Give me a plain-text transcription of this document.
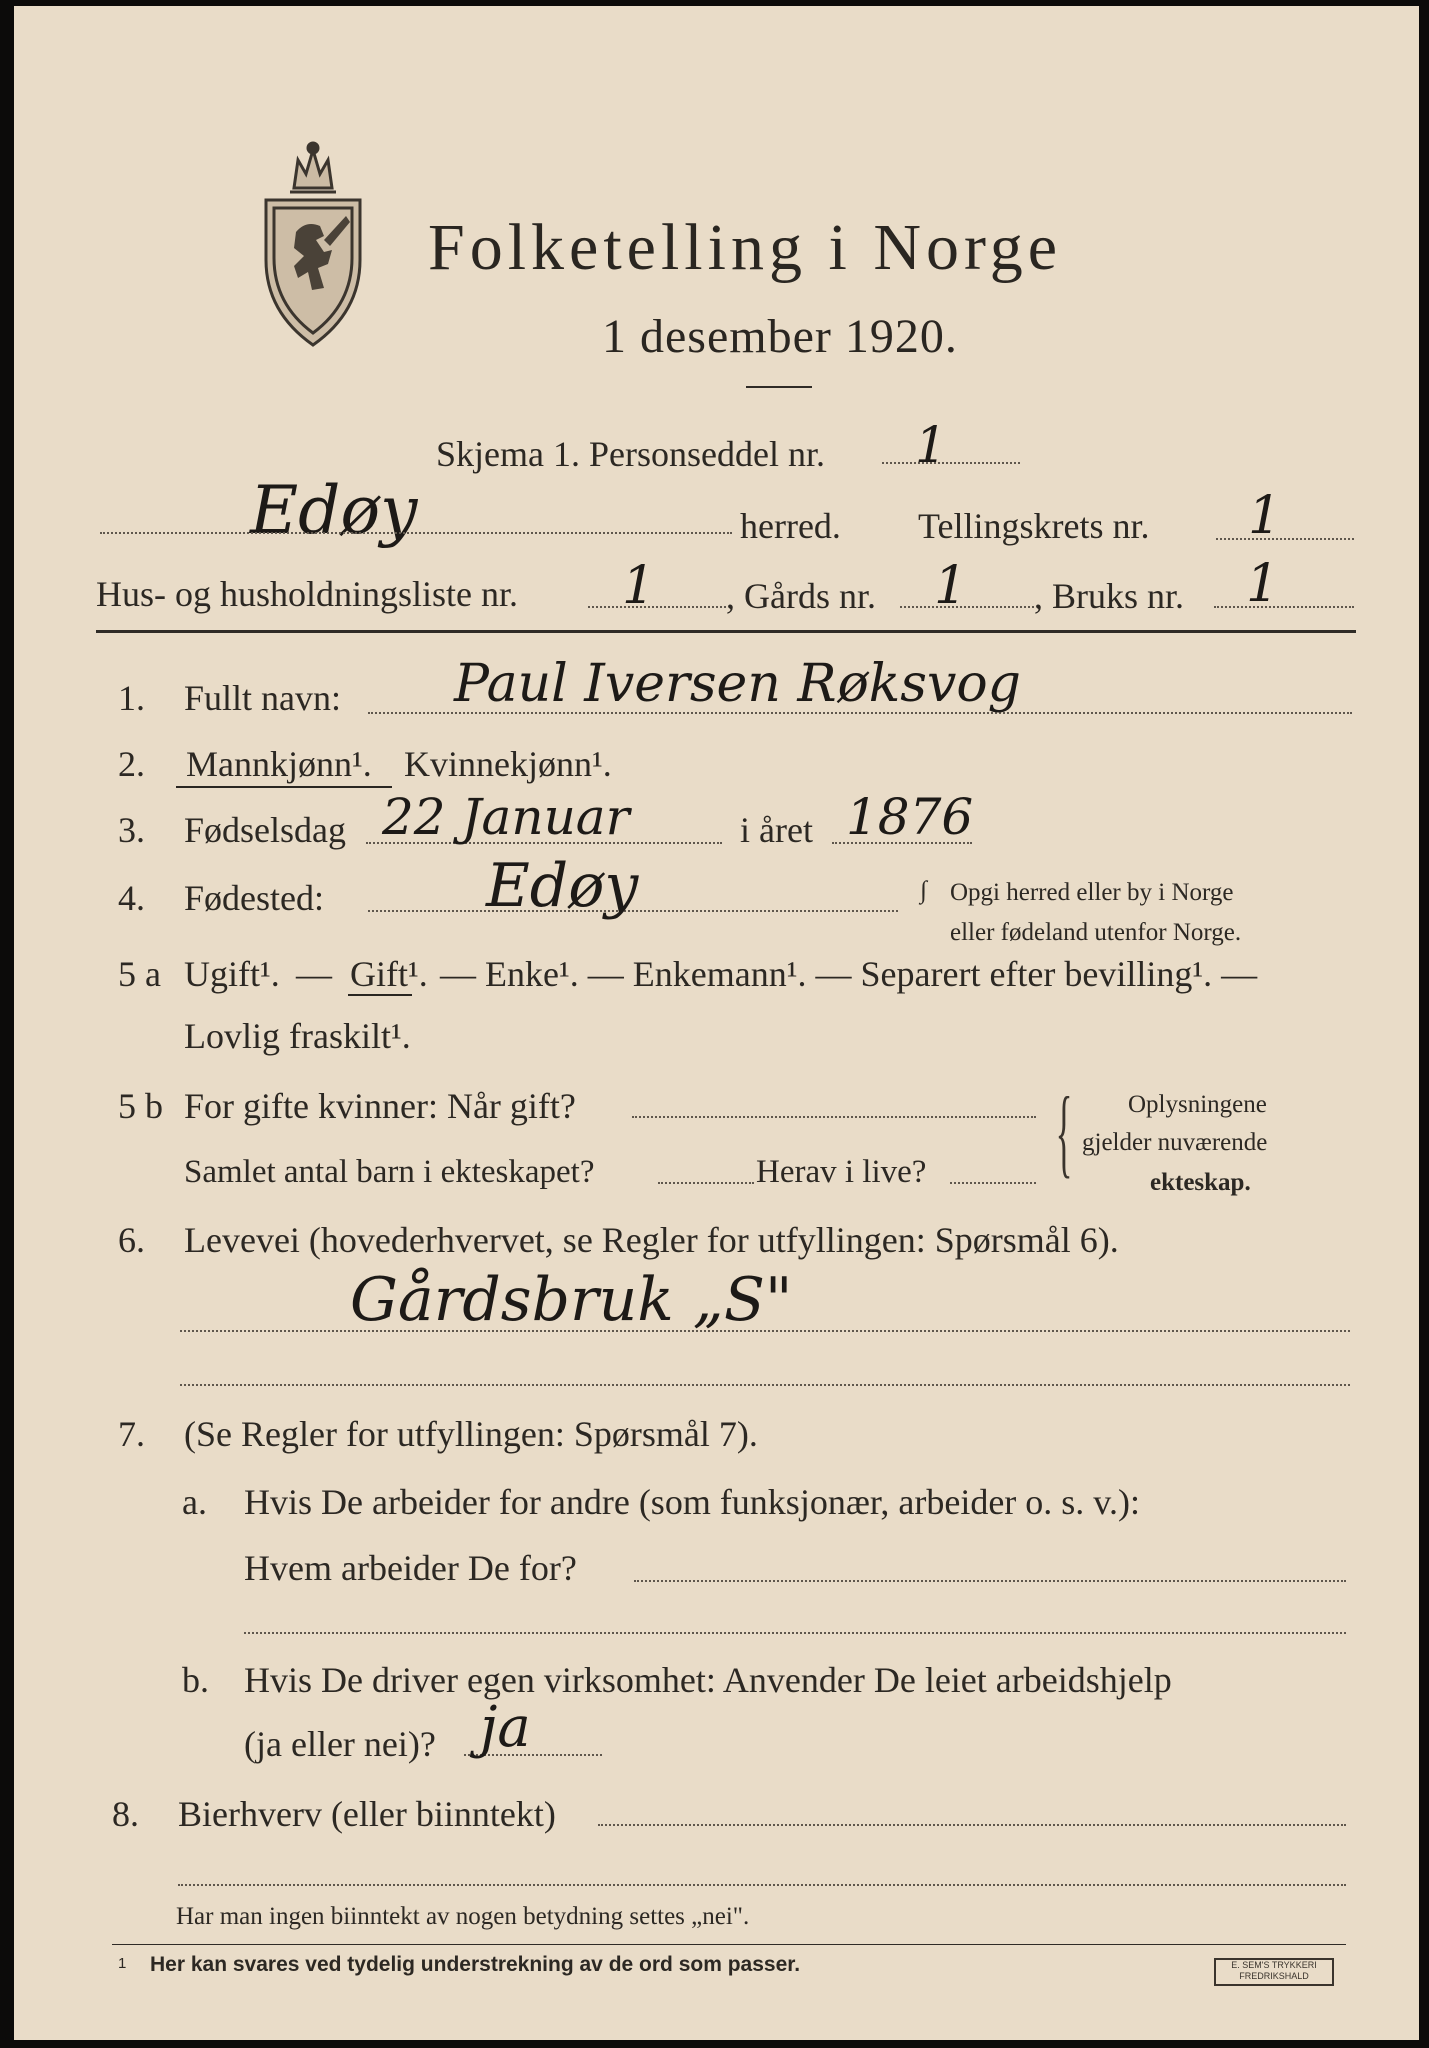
Folketelling i Norge
1 desember 1920.
Skjema 1. Personseddel nr. 1
Edøy	herred. Tellingskrets nr. 1
Hus- og husholdningsliste nr. 1 , Gårds nr. 1 , Bruks nr. 1
1. Fullt navn: Paul Iversen Røksvog
2. Mannkjønn¹. Kvinnekjønn¹.
3. Fødselsdag 22 Januar	i året 1876
4. Fødested:	Edøy	∫ Opgi herred eller by i Norge
eller fødeland utenfor Norge.
5 a Ugift¹. — Gift¹. — Enke¹. — Enkemann¹. — Separert efter bevilling¹. —
Lovlig fraskilt¹.
5 b For gifte kvinner: Når gift?
Samlet antal barn i ekteskapet?	Herav i live? { Oplysningene
gjelder nuværende
ekteskap.
6. Levevei (hovederhvervet, se Regler for utfyllingen: Spørsmål 6).
Gårdsbruk „S"
7. (Se Regler for utfyllingen: Spørsmål 7).
a. Hvis De arbeider for andre (som funksjonær, arbeider o. s. v.):
Hvem arbeider De for?
b. Hvis De driver egen virksomhet: Anvender De leiet arbeidshjelp
(ja eller nei)? ja
8. Bierhverv (eller biinntekt)
Har man ingen biinntekt av nogen betydning settes „nei".
1 Her kan svares ved tydelig understrekning av de ord som passer.	E. SEM'S TRYKKERI
FREDRIKSHALD
